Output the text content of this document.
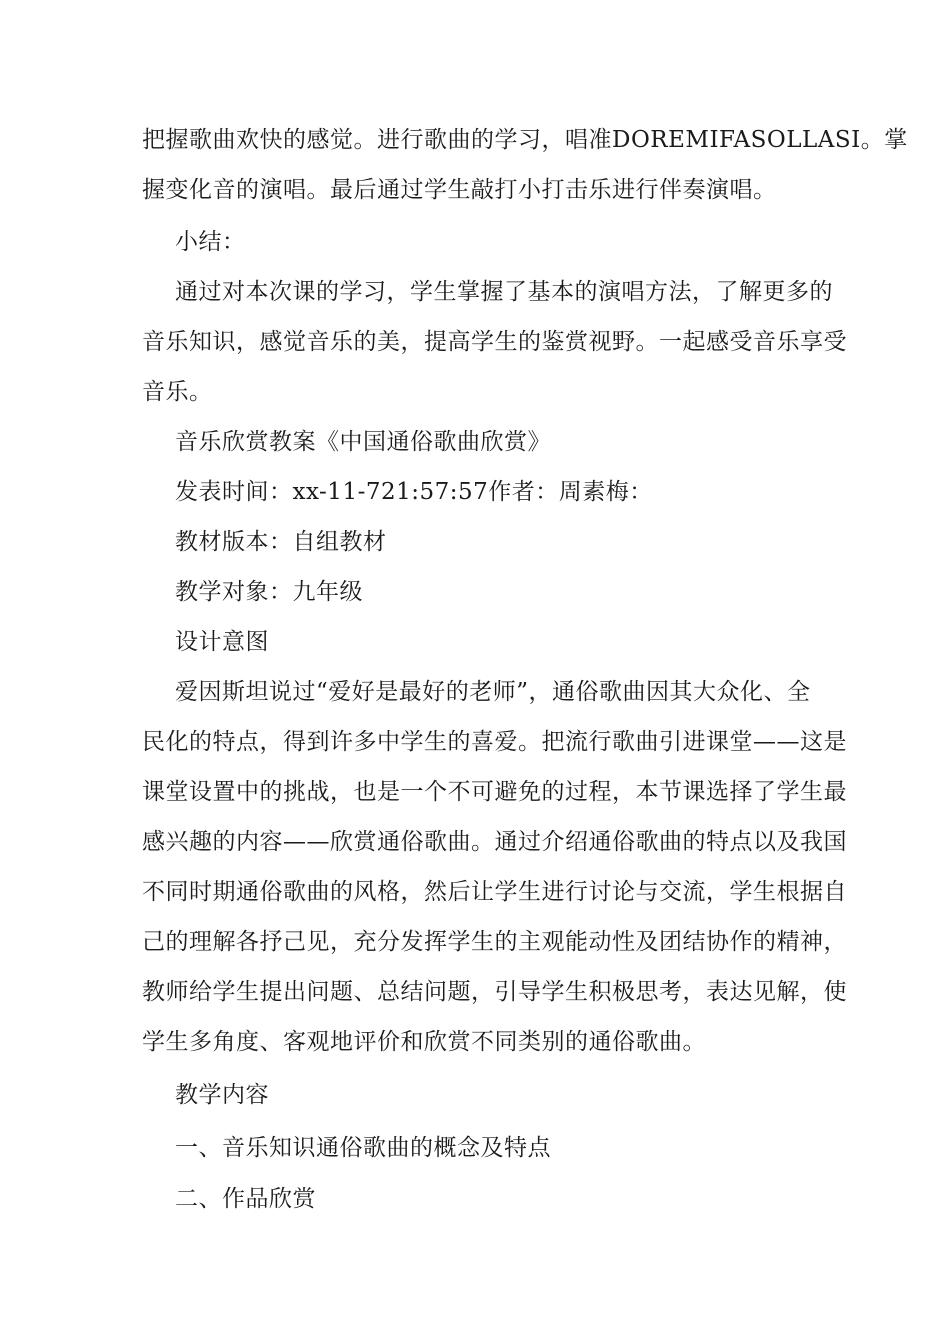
把握歌曲欢快的感觉。进行歌曲的学习，唱准DOREMIFASOLLASI。掌
握变化音的演唱。最后通过学生敲打小打击乐进行伴奏演唱。
小结：
通过对本次课的学习，学生掌握了基本的演唱方法，了解更多的
音乐知识，感觉音乐的美，提高学生的鉴赏视野。一起感受音乐享受
音乐。
音乐欣赏教案《中国通俗歌曲欣赏》
发表时间：xx-11-721:57:57作者：周素梅：
教材版本：自组教材
教学对象：九年级
设计意图
爱因斯坦说过“爱好是最好的老师”，通俗歌曲因其大众化、全
民化的特点，得到许多中学生的喜爱。把流行歌曲引进课堂——这是
课堂设置中的挑战，也是一个不可避免的过程，本节课选择了学生最
感兴趣的内容——欣赏通俗歌曲。通过介绍通俗歌曲的特点以及我国
不同时期通俗歌曲的风格，然后让学生进行讨论与交流，学生根据自
己的理解各抒己见，充分发挥学生的主观能动性及团结协作的精神，
教师给学生提出问题、总结问题，引导学生积极思考，表达见解，使
学生多角度、客观地评价和欣赏不同类别的通俗歌曲。
教学内容
一、音乐知识通俗歌曲的概念及特点
二、作品欣赏
